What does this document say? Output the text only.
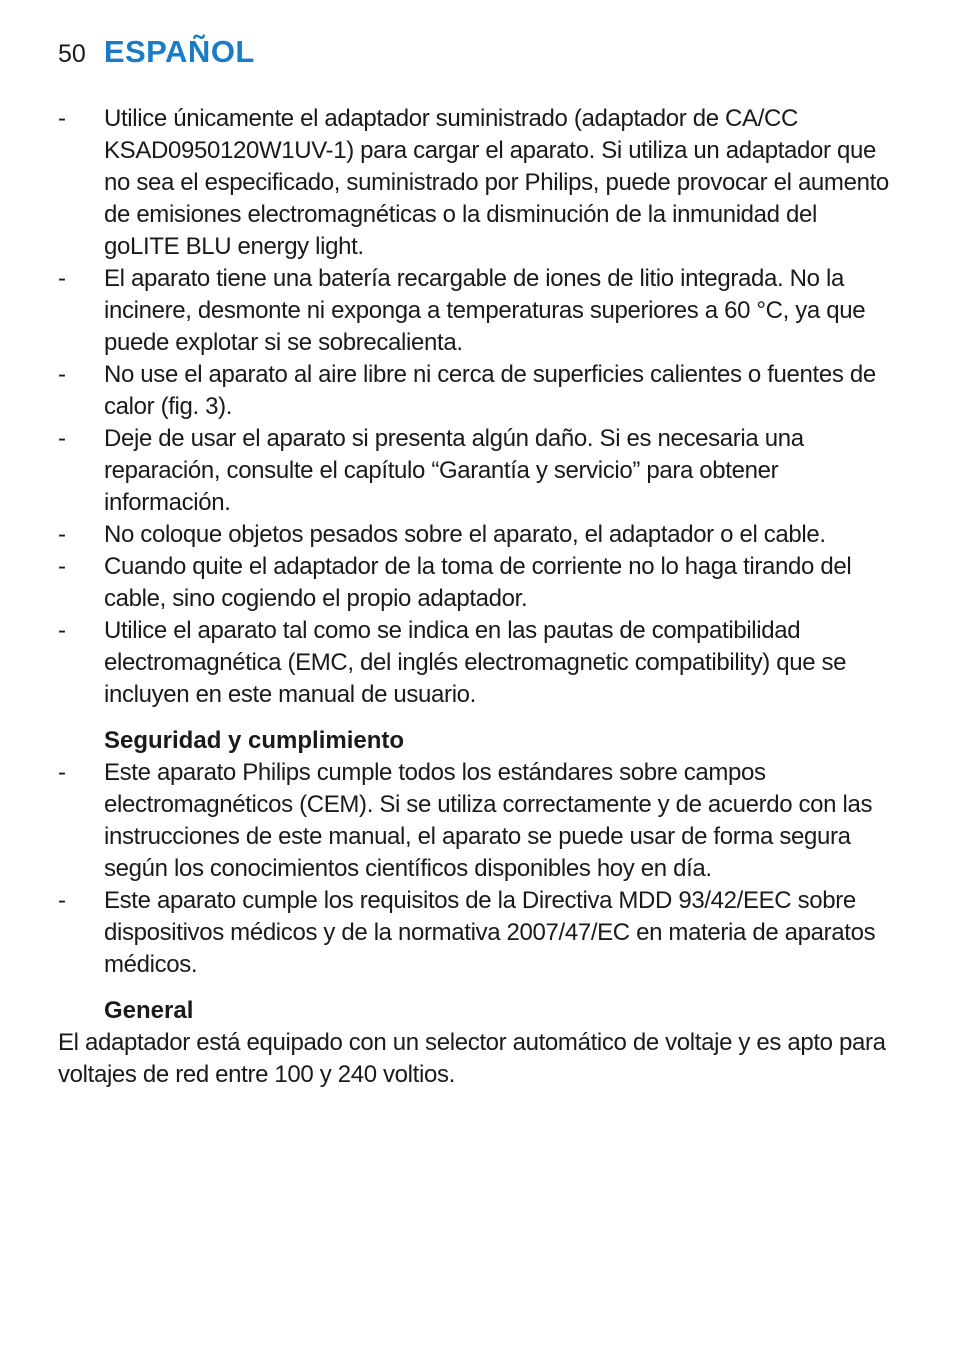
50 ESPAÑOL
-	Utilice únicamente el adaptador suministrado (adaptador de CA/CC KSAD0950120W1UV-1) para cargar el aparato. Si utiliza un adaptador que no sea el especificado, suministrado por Philips, puede provocar el aumento de emisiones electromagnéticas o la disminución de la inmunidad del goLITE BLU energy light.
-	El aparato tiene una batería recargable de iones de litio integrada. No la incinere, desmonte ni exponga a temperaturas superiores a 60 °C, ya que puede explotar si se sobrecalienta.
-	No use el aparato al aire libre ni cerca de superficies calientes o fuentes de calor (fig. 3).
-	Deje de usar el aparato si presenta algún daño. Si es necesaria una reparación, consulte el capítulo “Garantía y servicio” para obtener información.
-	No coloque objetos pesados sobre el aparato, el adaptador o el cable.
-	Cuando quite el adaptador de la toma de corriente no lo haga tirando del cable, sino cogiendo el propio adaptador.
-	Utilice el aparato tal como se indica en las pautas de compatibilidad electromagnética (EMC, del inglés electromagnetic compatibility) que se incluyen en este manual de usuario.
Seguridad y cumplimiento
-	Este aparato Philips cumple todos los estándares sobre campos electromagnéticos (CEM). Si se utiliza correctamente y de acuerdo con las instrucciones de este manual, el aparato se puede usar de forma segura según los conocimientos científicos disponibles hoy en día.
-	Este aparato cumple los requisitos de la Directiva MDD 93/42/EEC sobre dispositivos médicos y de la normativa 2007/47/EC en materia de aparatos médicos.
General

El adaptador está equipado con un selector automático de voltaje y es apto para voltajes de red entre 100 y 240 voltios.
